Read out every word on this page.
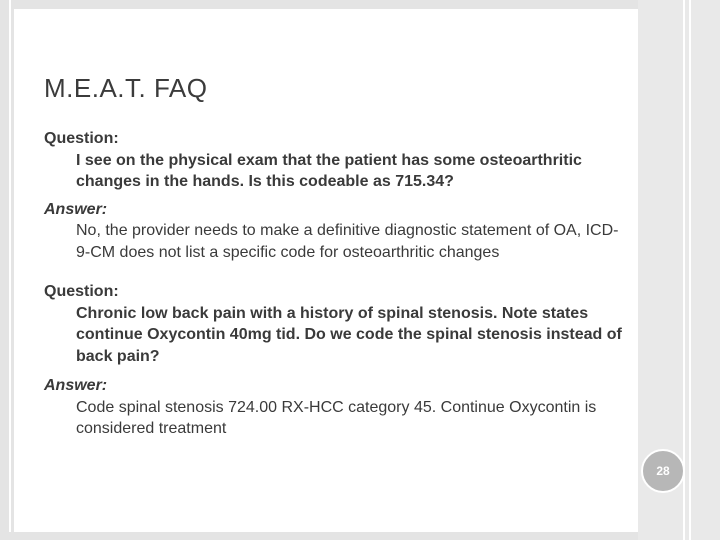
28
M.E.A.T. FAQ
Question:
I see on the physical exam that the patient has some osteoarthritic changes in the hands. Is this codeable as 715.34?
Answer:
No, the provider needs to make a definitive diagnostic statement of OA, ICD-9-CM does not list a specific code for osteoarthritic changes
Question:
Chronic low back pain with a history of spinal stenosis. Note states continue Oxycontin 40mg tid. Do we code the spinal stenosis instead of back pain?
Answer:
Code spinal stenosis 724.00 RX-HCC category 45. Continue Oxycontin is considered treatment
